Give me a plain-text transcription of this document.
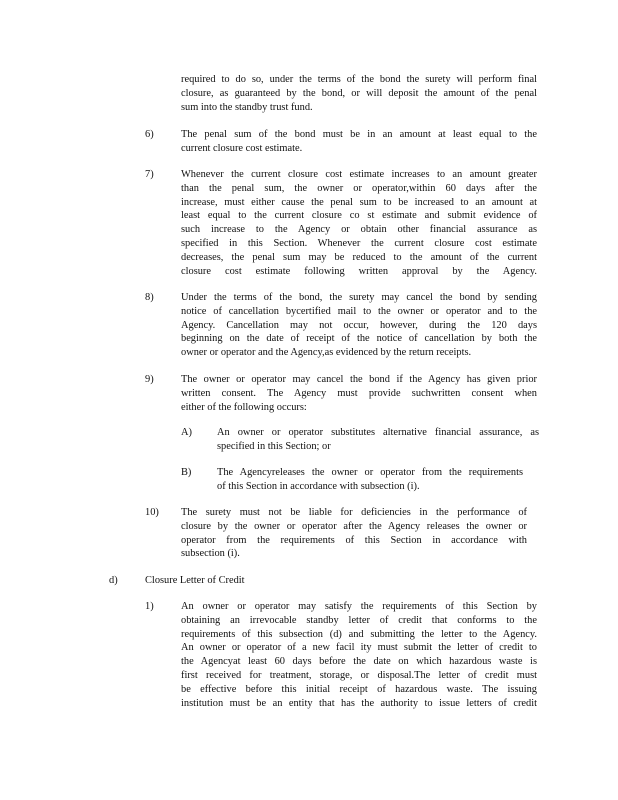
required to do so, under the terms of the bond the surety will perform final
closure, as guaranteed by the bond, or will deposit the amount of the penal
sum into the standby trust fund.
6)	The penal sum of the bond must be in an amount at least equal to the
current closure cost estimate.
7)	Whenever the current closure cost estimate increases to an amount greater
than the penal sum, the owner or operator,within 60 days after the
increase, must either cause the penal sum to be increased to an amount at
least equal to the current closure co st estimate and submit evidence of
such increase to the Agency or obtain other financial assurance as
specified in this Section. Whenever the current closure cost estimate
decreases, the penal sum may be reduced to the amount of the current
closure cost estimate following written approval by the Agency.
8)	Under the terms of the bond, the surety may cancel the bond by sending
notice of cancellation bycertified mail to the owner or operator and to the
Agency. Cancellation may not occur, however, during the 120 days
beginning on the date of receipt of the notice of cancellation by both the
owner or operator and the Agency,as evidenced by the return receipts.
9)	The owner or operator may cancel the bond if the Agency has given prior
written consent. The Agency must provide suchwritten consent when
either of the following occurs:
A) An owner or operator substitutes alternative financial assurance, as
specified in this Section; or
B) The Agencyreleases the owner or operator from the requirements
of this Section in accordance with subsection (i).
10) The surety must not be liable for deficiencies in the performance of
closure by the owner or operator after the Agency releases the owner or
operator from the requirements of this Section in accordance with
subsection (i).
d)	Closure Letter of Credit
1)	An owner or operator may satisfy the requirements of this Section by
obtaining an irrevocable standby letter of credit that conforms to the
requirements of this subsection (d) and submitting the letter to the Agency.
An owner or operator of a new facil ity must submit the letter of credit to
the Agencyat least 60 days before the date on which hazardous waste is
first received for treatment, storage, or disposal.The letter of credit must
be effective before this initial receipt of hazardous waste. The issuing
institution must be an entity that has the authority to issue letters of credit
